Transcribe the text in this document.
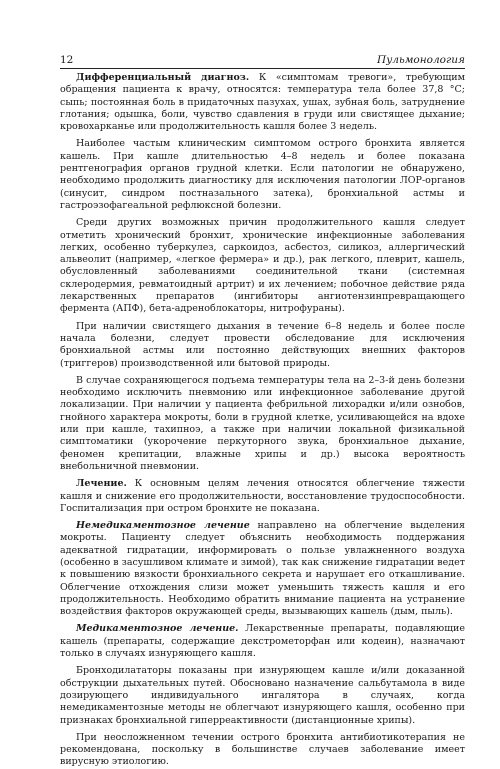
12	Пульмонология

Дифференциальный диагноз. К «симптомам тревоги», требующим обращения пациента к врачу, относятся: температура тела более 37,8 °С; сыпь; постоянная боль в придаточных пазухах, ушах, зубная боль, затруднение глотания; одышка, боли, чувство сдавления в груди или свистящее дыхание; кровохарканье или продолжительность кашля более 3 недель.

Наиболее частым клиническим симптомом острого бронхита является кашель. При кашле длительностью 4–8 недель и более показана рентгенография органов грудной клетки. Если патологии не обнаружено, необходимо продолжить диагностику для исключения патологии ЛОР-органов (синусит, синдром постназального затека), бронхиальной астмы и гастроэзофагеальной рефлюксной болезни.

Среди других возможных причин продолжительного кашля следует отметить хронический бронхит, хронические инфекционные заболевания легких, особенно туберкулез, саркоидоз, асбестоз, силикоз, аллергический альвеолит (например, «легкое фермера» и др.), рак легкого, плеврит, кашель, обусловленный заболеваниями соединительной ткани (системная склеродермия, ревматоидный артрит) и их лечением; побочное действие ряда лекарственных препаратов (ингибиторы ангиотензинпревращающего фермента (АПФ), бета-адреноблокаторы, нитрофураны).

При наличии свистящего дыхания в течение 6–8 недель и более после начала болезни, следует провести обследование для исключения бронхиальной астмы или постоянно действующих внешних факторов (триггеров) производственной или бытовой природы.

В случае сохраняющегося подъема температуры тела на 2–3-й день болезни необходимо исключить пневмонию или инфекционное заболевание другой локализации. При наличии у пациента фебрильной лихорадки и/или ознобов, гнойного характера мокроты, боли в грудной клетке, усиливающейся на вдохе или при кашле, тахипноэ, а также при наличии локальной физикальной симптоматики (укорочение перкуторного звука, бронхиальное дыхание, феномен крепитации, влажные хрипы и др.) высока вероятность внебольничной пневмонии.

Лечение. К основным целям лечения относятся облегчение тяжести кашля и снижение его продолжительности, восстановление трудоспособности. Госпитализация при остром бронхите не показана.

Немедикаментозное лечение направлено на облегчение выделения мокроты. Пациенту следует объяснить необходимость поддержания адекватной гидратации, информировать о пользе увлажненного воздуха (особенно в засушливом климате и зимой), так как снижение гидратации ведет к повышению вязкости бронхиального секрета и нарушает его откашливание. Облегчение отхождения слизи может уменьшить тяжесть кашля и его продолжительность. Необходимо обратить внимание пациента на устранение воздействия факторов окружающей среды, вызывающих кашель (дым, пыль).

Медикаментозное лечение. Лекарственные препараты, подавляющие кашель (препараты, содержащие декстрометорфан или кодеин), назначают только в случаях изнуряющего кашля.

Бронходилататоры показаны при изнуряющем кашле и/или доказанной обструкции дыхательных путей. Обосновано назначение сальбутамола в виде дозирующего индивидуального ингалятора в случаях, когда немедикаментозные методы не облегчают изнуряющего кашля, особенно при признаках бронхиальной гиперреактивности (дистанционные хрипы).

При неосложненном течении острого бронхита антибиотикотерапия не рекомендована, поскольку в большинстве случаев заболевание имеет вирусную этиологию.
